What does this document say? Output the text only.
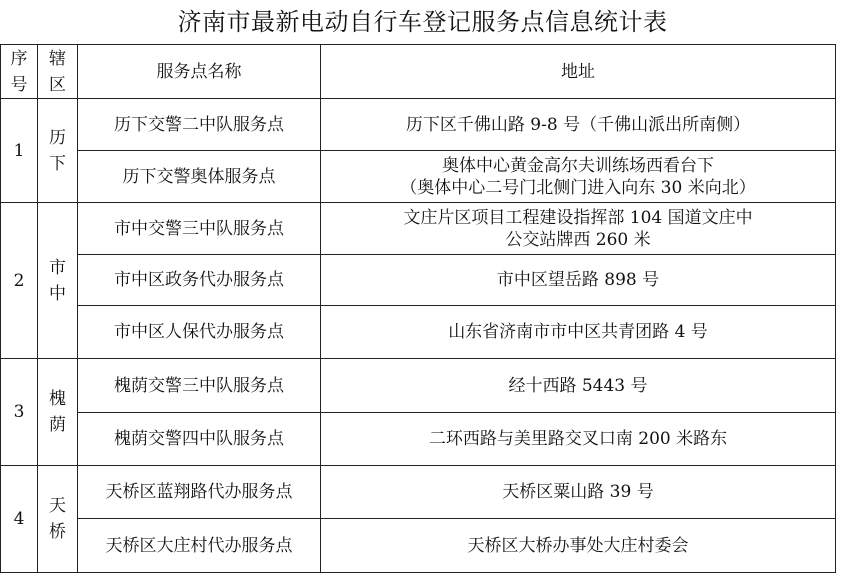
济南市最新电动自行车登记服务点信息统计表
序号	辖区	服务点名称	地址
1	历下	历下交警二中队服务点	历下区千佛山路 9-8 号（千佛山派出所南侧）
		历下交警奥体服务点	奥体中心黄金高尔夫训练场西看台下
（奥体中心二号门北侧门进入向东 30 米向北）

2	市中	市中交警三中队服务点	文庄片区项目工程建设指挥部 104 国道文庄中
公交站牌西 260 米

		市中区政务代办服务点	市中区望岳路 898 号
		市中区人保代办服务点	山东省济南市市中区共青团路 4 号
3	槐荫	槐荫交警三中队服务点	经十西路 5443 号
		槐荫交警四中队服务点	二环西路与美里路交叉口南 200 米路东
4	天桥	天桥区蓝翔路代办服务点	天桥区粟山路 39 号
		天桥区大庄村代办服务点	天桥区大桥办事处大庄村委会
